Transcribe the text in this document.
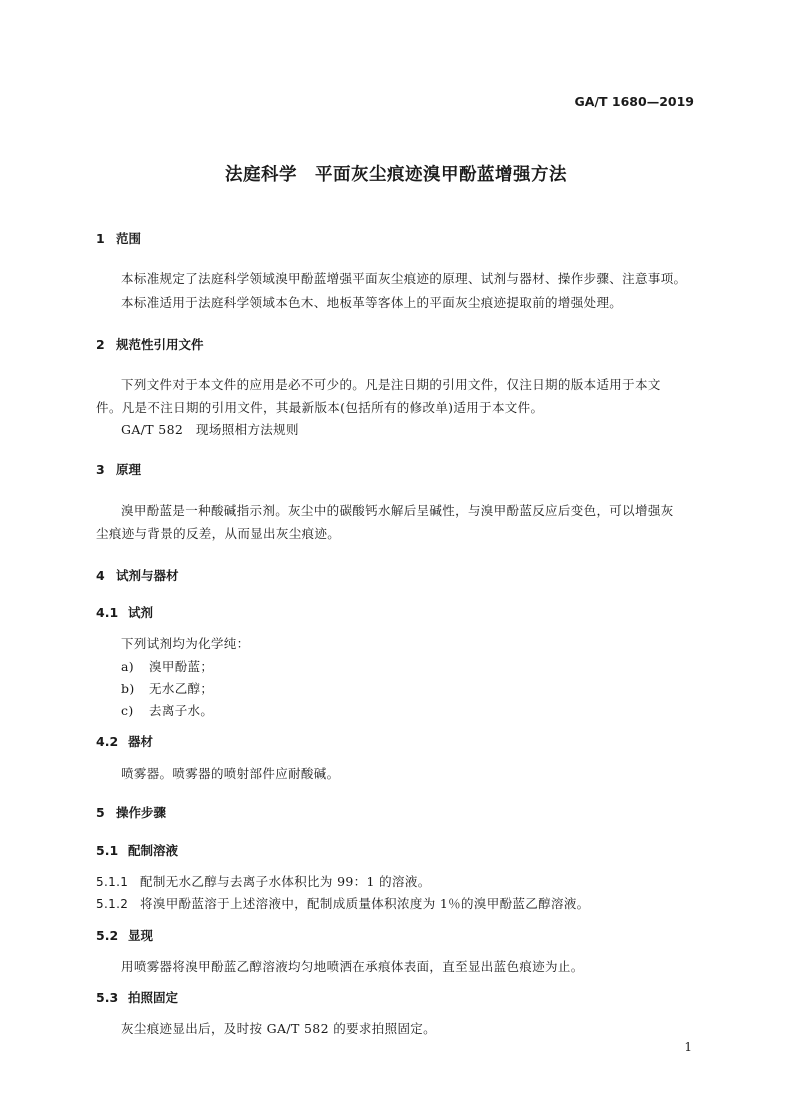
GA/T 1680—2019
法庭科学 平面灰尘痕迹溴甲酚蓝增强方法
1 范围
本标准规定了法庭科学领域溴甲酚蓝增强平面灰尘痕迹的原理、试剂与器材、操作步骤、注意事项。
本标准适用于法庭科学领域本色木、地板革等客体上的平面灰尘痕迹提取前的增强处理。
2 规范性引用文件
下列文件对于本文件的应用是必不可少的。凡是注日期的引用文件，仅注日期的版本适用于本文
件。凡是不注日期的引用文件，其最新版本(包括所有的修改单)适用于本文件。
GA/T 582　现场照相方法规则
3 原理
溴甲酚蓝是一种酸碱指示剂。灰尘中的碳酸钙水解后呈碱性，与溴甲酚蓝反应后变色，可以增强灰
尘痕迹与背景的反差，从而显出灰尘痕迹。
4 试剂与器材
4.1 试剂
下列试剂均为化学纯：
a) 溴甲酚蓝；
b) 无水乙醇；
c) 去离子水。
4.2 器材
喷雾器。喷雾器的喷射部件应耐酸碱。
5 操作步骤
5.1 配制溶液
5.1.1 配制无水乙醇与去离子水体积比为 99：1 的溶液。
5.1.2 将溴甲酚蓝溶于上述溶液中，配制成质量体积浓度为 1％的溴甲酚蓝乙醇溶液。
5.2 显现
用喷雾器将溴甲酚蓝乙醇溶液均匀地喷洒在承痕体表面，直至显出蓝色痕迹为止。
5.3 拍照固定
灰尘痕迹显出后，及时按 GA/T 582 的要求拍照固定。
1
